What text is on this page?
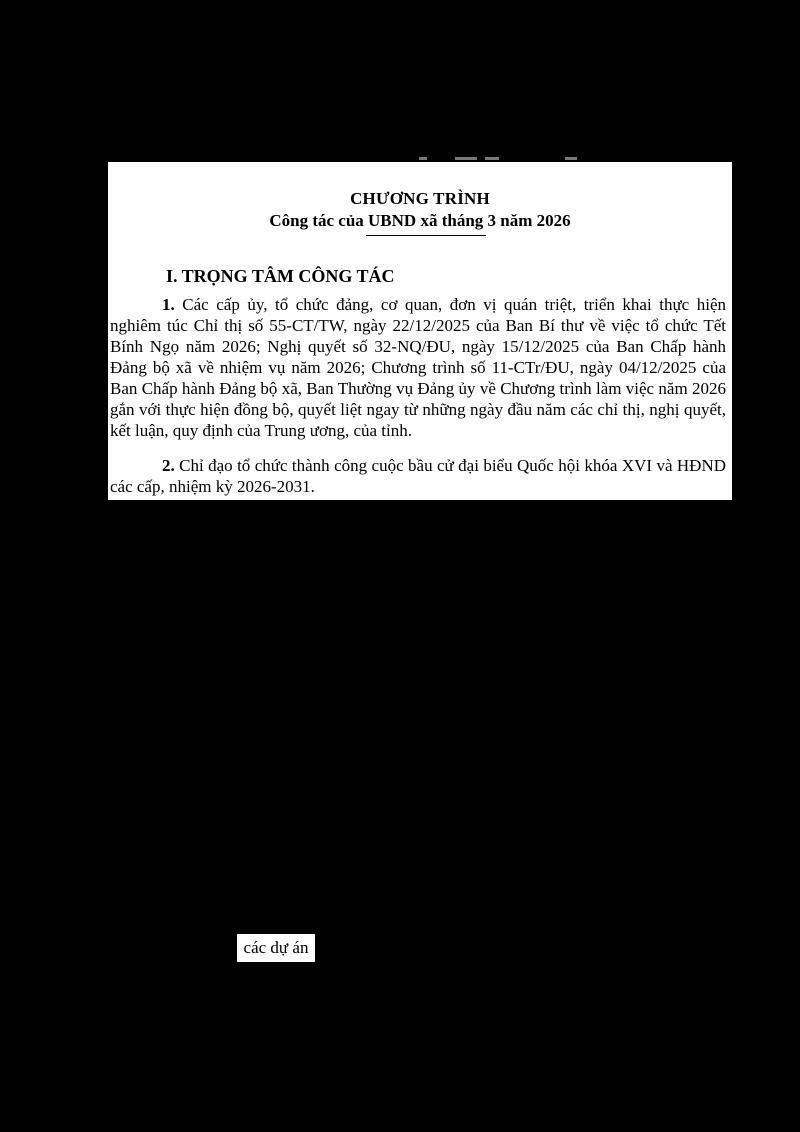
CHƯƠNG TRÌNH
Công tác của UBND xã tháng 3 năm 2026
I. TRỌNG TÂM CÔNG TÁC

1. Các cấp ủy, tổ chức đảng, cơ quan, đơn vị quán triệt, triển khai thực hiện nghiêm túc Chỉ thị số 55-CT/TW, ngày 22/12/2025 của Ban Bí thư về việc tổ chức Tết Bính Ngọ năm 2026; Nghị quyết số 32-NQ/ĐU, ngày 15/12/2025 của Ban Chấp hành Đảng bộ xã về nhiệm vụ năm 2026; Chương trình số 11-CTr/ĐU, ngày 04/12/2025 của Ban Chấp hành Đảng bộ xã, Ban Thường vụ Đảng ủy về Chương trình làm việc năm 2026 gắn với thực hiện đồng bộ, quyết liệt ngay từ những ngày đầu năm các chỉ thị, nghị quyết, kết luận, quy định của Trung ương, của tỉnh.

2. Chỉ đạo tổ chức thành công cuộc bầu cử đại biểu Quốc hội khóa XVI và HĐND các cấp, nhiệm kỳ 2026-2031.

các dự án
